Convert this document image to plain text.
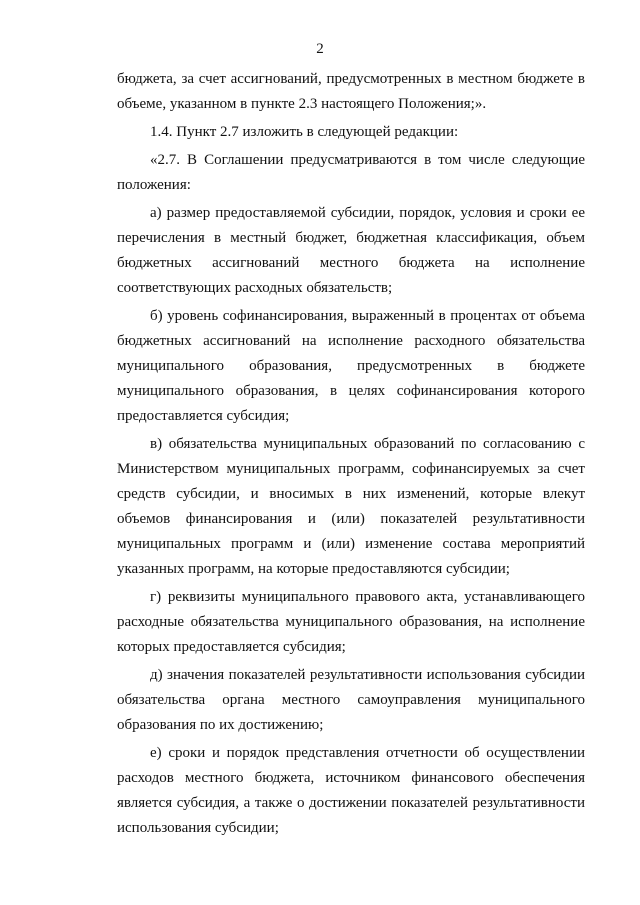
2
бюджета, за счет ассигнований, предусмотренных в местном бюджете в
объеме, указанном в пункте 2.3 настоящего Положения;».
1.4. Пункт 2.7 изложить в следующей редакции:
«2.7. В Соглашении предусматриваются в том числе следующие
положения:
а) размер предоставляемой субсидии, порядок, условия и сроки ее
перечисления в местный бюджет, бюджетная классификация, объем
бюджетных ассигнований местного бюджета на исполнение
соответствующих расходных обязательств;
б) уровень софинансирования, выраженный в процентах от объема
бюджетных ассигнований на исполнение расходного обязательства
муниципального образования, предусмотренных в бюджете
муниципального образования, в целях софинансирования которого
предоставляется субсидия;
в) обязательства муниципальных образований по согласованию с
Министерством муниципальных программ, софинансируемых за счет
средств субсидии, и вносимых в них изменений, которые влекут
объемов финансирования и (или) показателей результативности
муниципальных программ и (или) изменение состава мероприятий
указанных программ, на которые предоставляются субсидии;
г) реквизиты муниципального правового акта, устанавливающего
расходные обязательства муниципального образования, на исполнение
которых предоставляется субсидия;
д) значения показателей результативности использования субсидии
обязательства органа местного самоуправления муниципального
образования по их достижению;
е) сроки и порядок представления отчетности об осуществлении
расходов местного бюджета, источником финансового обеспечения
является субсидия, а также о достижении показателей результативности
использования субсидии;
